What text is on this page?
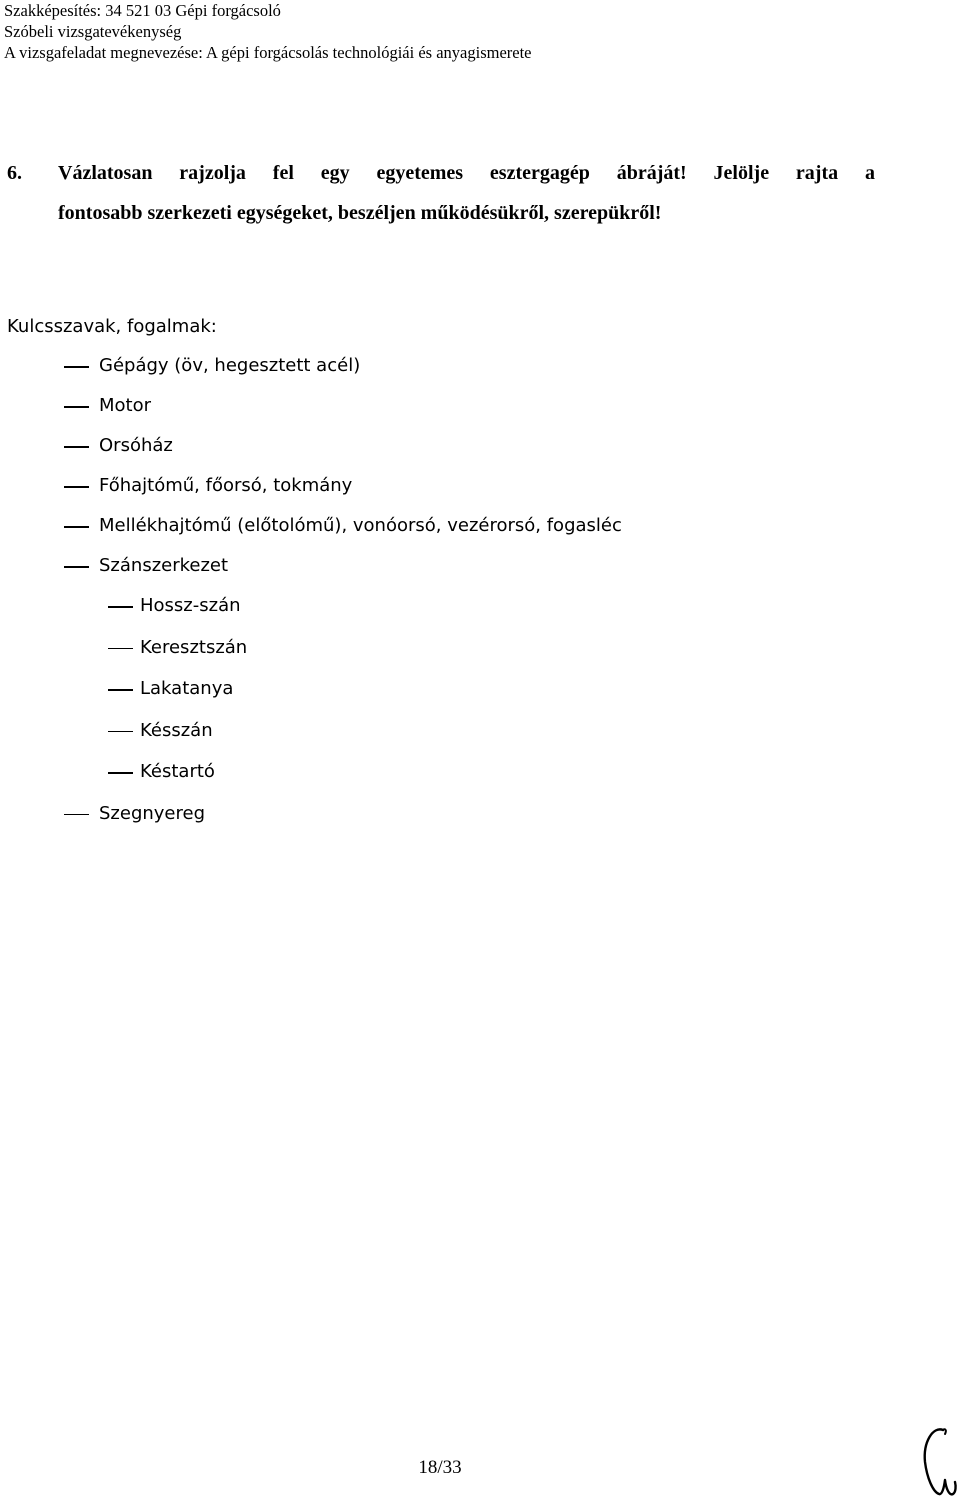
Szakképesítés: 34 521 03 Gépi forgácsoló
Szóbeli vizsgatevékenység
A vizsgafeladat megnevezése: A gépi forgácsolás technológiái és anyagismerete
6. Vázlatosan rajzolja fel egy egyetemes esztergagép ábráját! Jelölje rajta a
fontosabb szerkezeti egységeket, beszéljen működésükről, szerepükről!
Kulcsszavak, fogalmak:
Gépágy (öv, hegesztett acél)
Motor
Orsóház
Főhajtómű, főorsó, tokmány
Mellékhajtómű (előtolómű), vonóorsó, vezérorsó, fogasléc
Szánszerkezet
Hossz-szán
Keresztszán
Lakatanya
Késszán
Késtartó
Szegnyereg
18/33
